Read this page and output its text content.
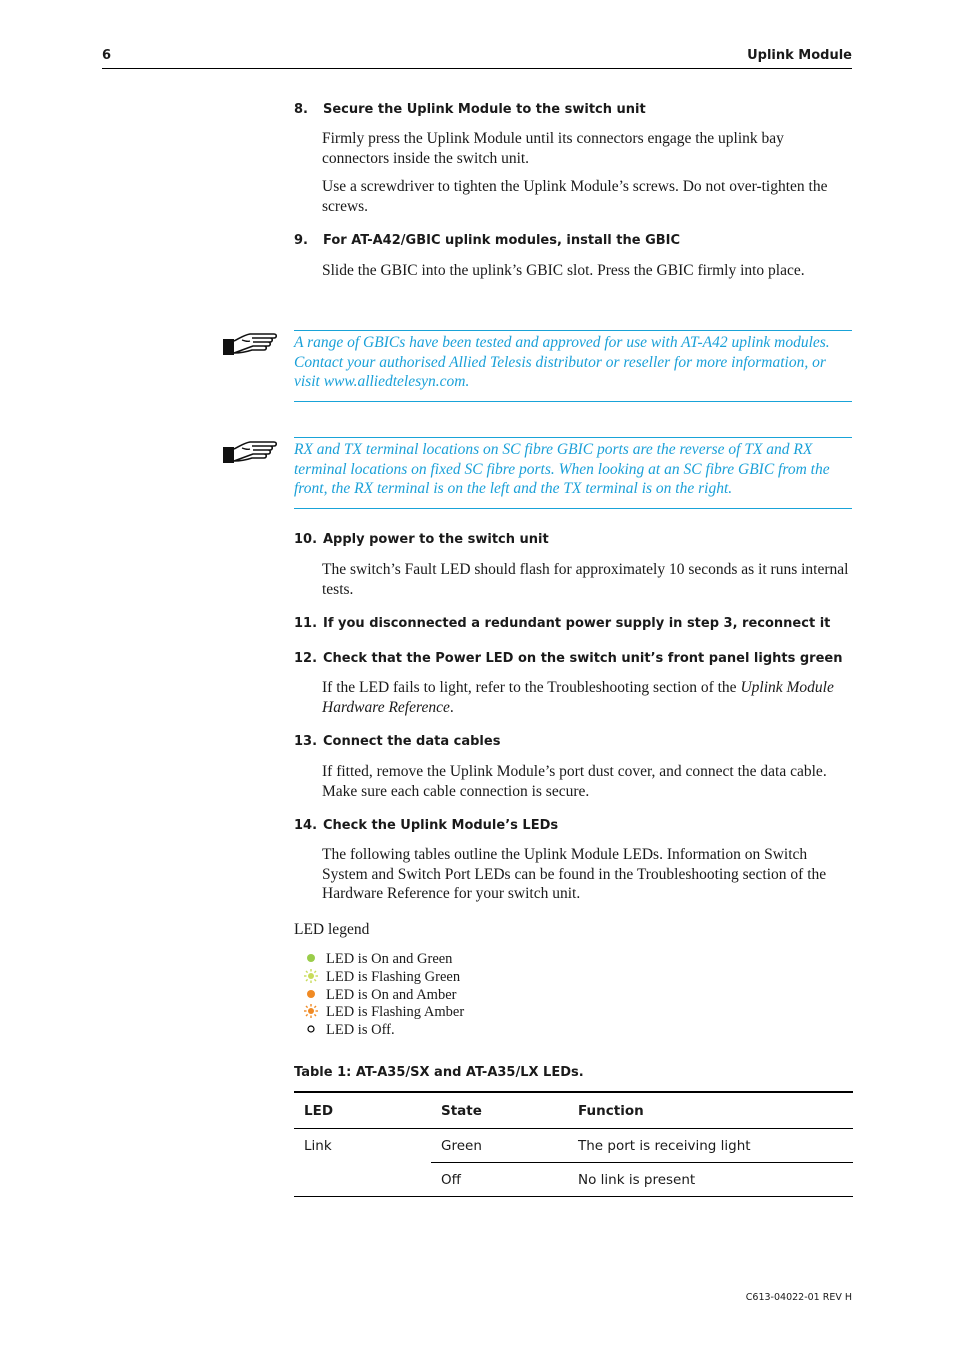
6	Uplink Module
8. Secure the Uplink Module to the switch unit
Firmly press the Uplink Module until its connectors engage the uplink bay connectors inside the switch unit.
Use a screwdriver to tighten the Uplink Module’s screws. Do not over-tighten the screws.
9. For AT-A42/GBIC uplink modules, install the GBIC
Slide the GBIC into the uplink’s GBIC slot. Press the GBIC firmly into place.

A range of GBICs have been tested and approved for use with AT-A42 uplink modules. Contact your authorised Allied Telesis distributor or reseller for more information, or visit www.alliedtelesyn.com.

RX and TX terminal locations on SC fibre GBIC ports are the reverse of TX and RX terminal locations on fixed SC fibre ports. When looking at an SC fibre GBIC from the front, the RX terminal is on the left and the TX terminal is on the right.

10. Apply power to the switch unit
The switch’s Fault LED should flash for approximately 10 seconds as it runs internal tests.
11. If you disconnected a redundant power supply in step 3, reconnect it
12. Check that the Power LED on the switch unit’s front panel lights green
If the LED fails to light, refer to the Troubleshooting section of the Uplink Module Hardware Reference.
13. Connect the data cables
If fitted, remove the Uplink Module’s port dust cover, and connect the data cable. Make sure each cable connection is secure.
14. Check the Uplink Module’s LEDs
The following tables outline the Uplink Module LEDs. Information on Switch System and Switch Port LEDs can be found in the Troubleshooting section of the Hardware Reference for your switch unit.
LED legend
LED is On and Green
LED is Flashing Green
LED is On and Amber
LED is Flashing Amber
LED is Off.
Table 1: AT-A35/SX and AT-A35/LX LEDs.
LED	State	Function
Link	Green	The port is receiving light
	Off	No link is present
C613-04022-01 REV H
